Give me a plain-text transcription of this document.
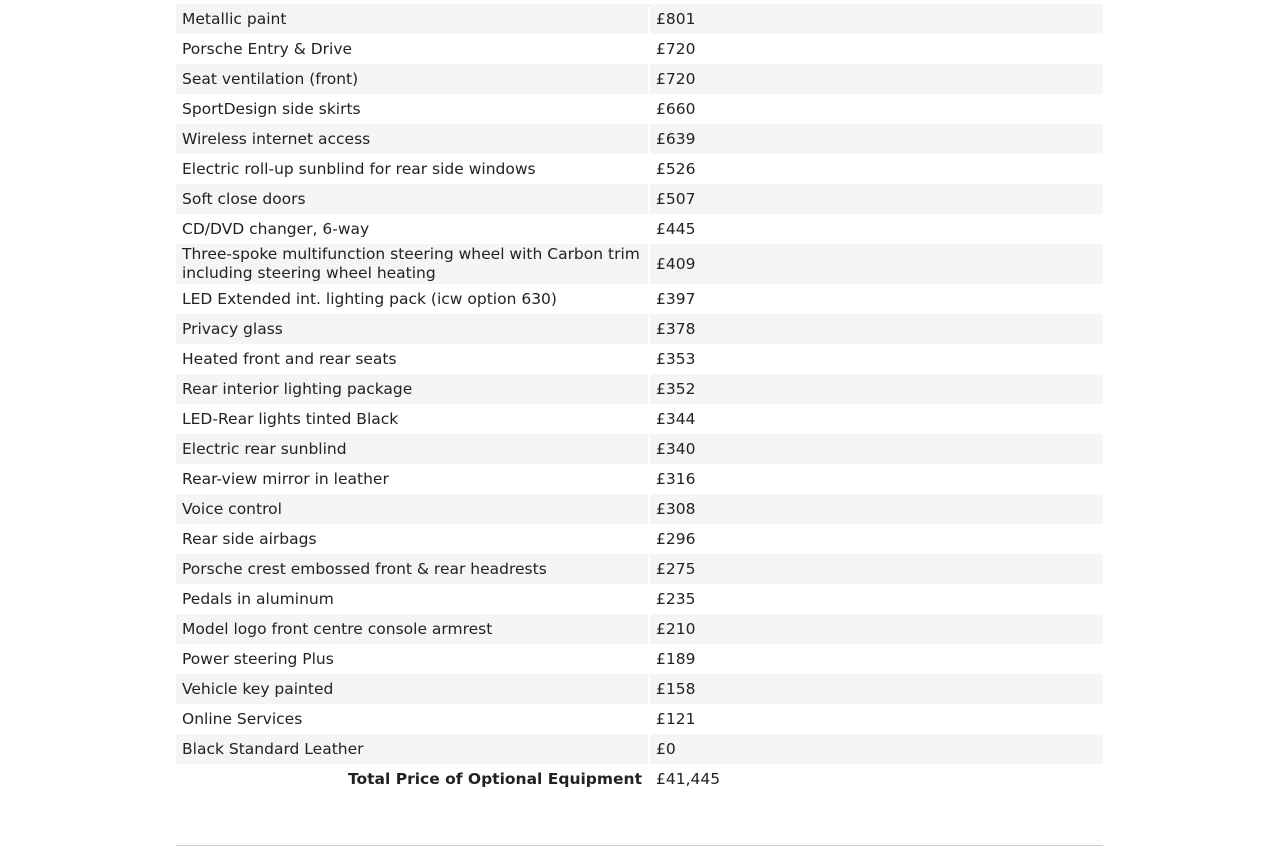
Metallic paint	£801
Porsche Entry & Drive	£720
Seat ventilation (front)	£720
SportDesign side skirts	£660
Wireless internet access	£639
Electric roll-up sunblind for rear side windows	£526
Soft close doors	£507
CD/DVD changer, 6-way	£445
Three-spoke multifunction steering wheel with Carbon trim including steering wheel heating	£409
LED Extended int. lighting pack (icw option 630)	£397
Privacy glass	£378
Heated front and rear seats	£353
Rear interior lighting package	£352
LED-Rear lights tinted Black	£344
Electric rear sunblind	£340
Rear-view mirror in leather	£316
Voice control	£308
Rear side airbags	£296
Porsche crest embossed front & rear headrests	£275
Pedals in aluminum	£235
Model logo front centre console armrest	£210
Power steering Plus	£189
Vehicle key painted	£158
Online Services	£121
Black Standard Leather	£0
Total Price of Optional Equipment	£41,445
